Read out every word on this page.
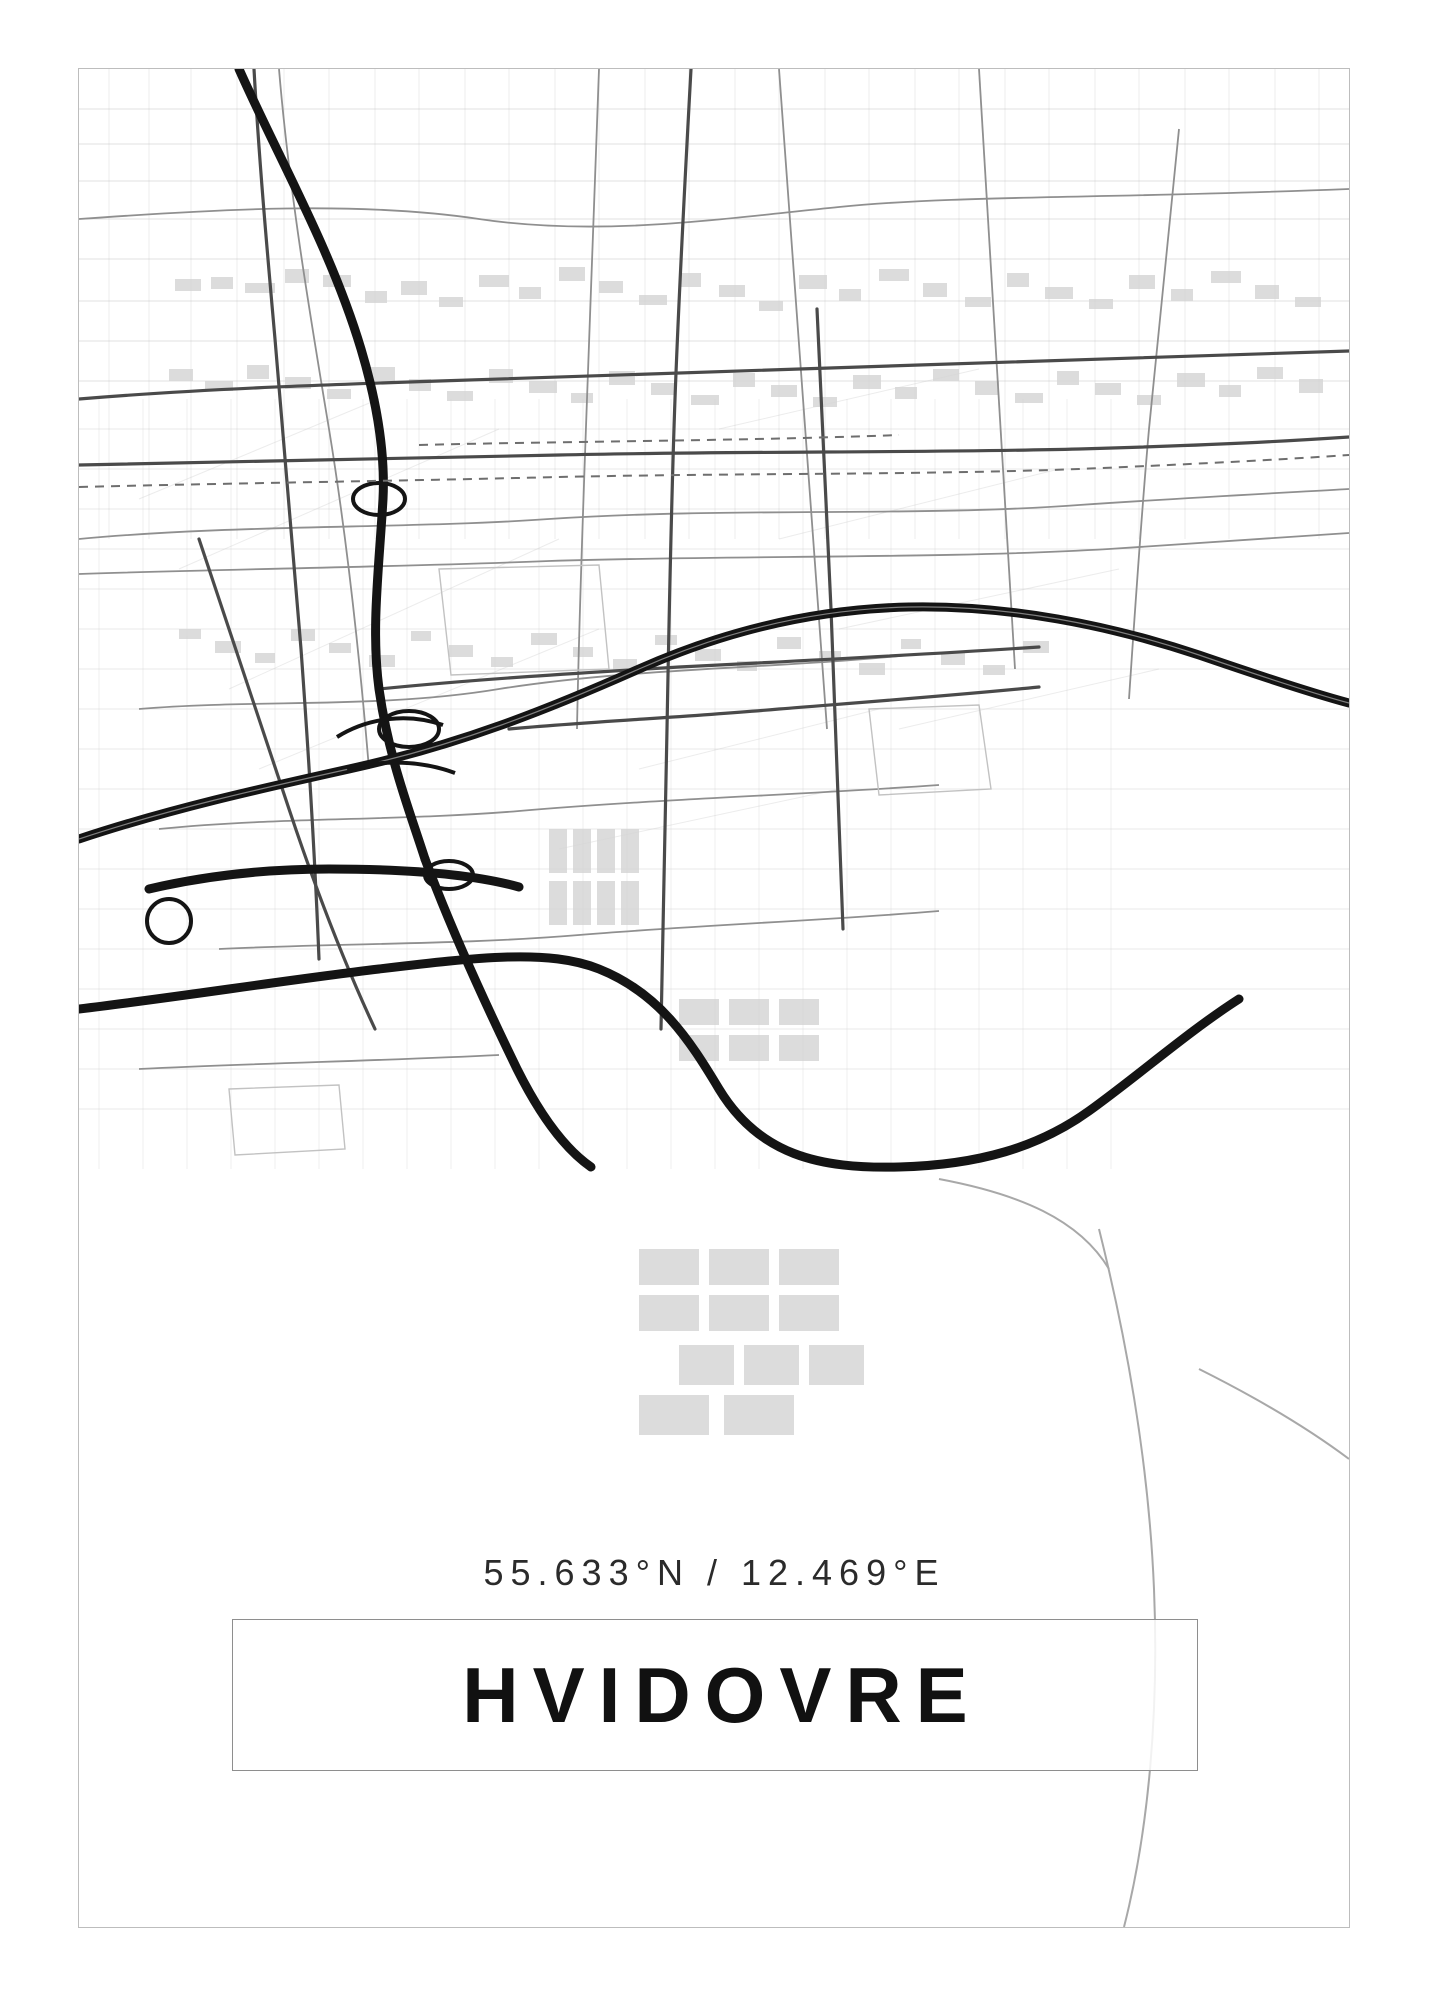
55.633°N / 12.469°E
HVIDOVRE
